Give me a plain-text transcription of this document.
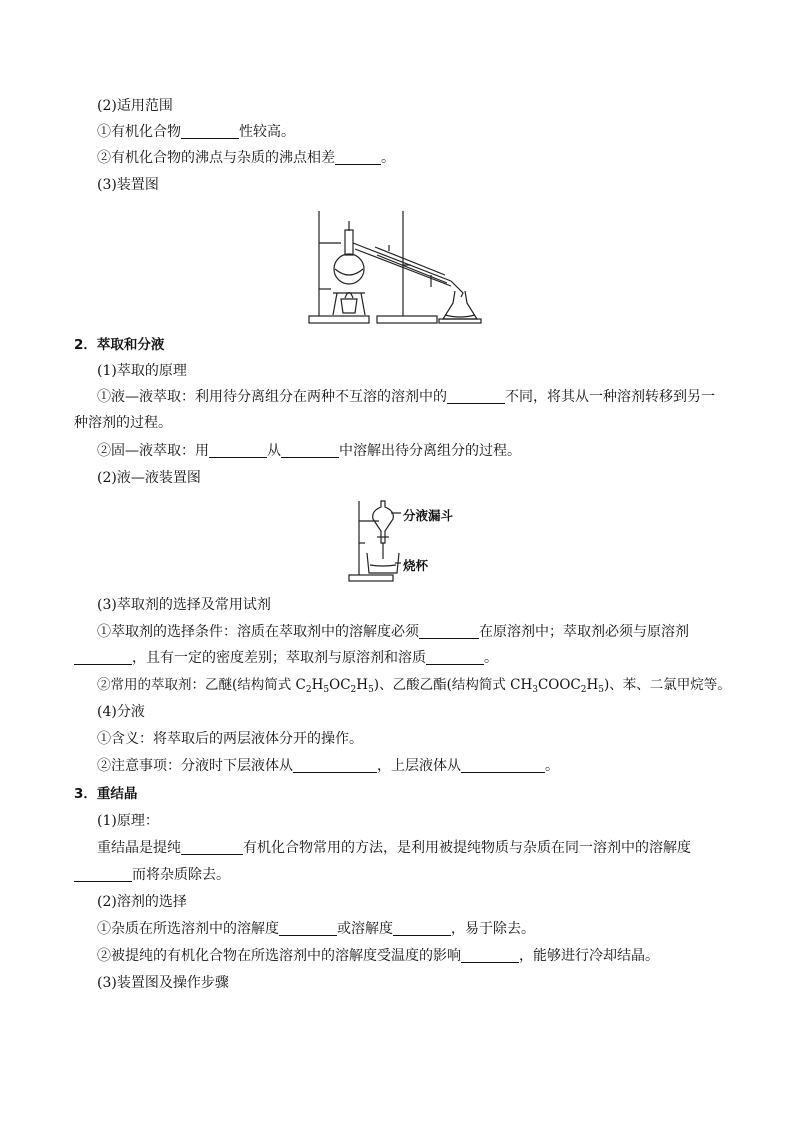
(2)适用范围
①有机化合物	性较高。
②有机化合物的沸点与杂质的沸点相差	。
(3)装置图
2．萃取和分液
(1)萃取的原理
①液—液萃取：利用待分离组分在两种不互溶的溶剂中的	不同，将其从一种溶剂转移到另一
种溶剂的过程。
②固—液萃取：用	从	中溶解出待分离组分的过程。
(2)液—液装置图
分液漏斗
烧杯
(3)萃取剂的选择及常用试剂
①萃取剂的选择条件：溶质在萃取剂中的溶解度必须	在原溶剂中；萃取剂必须与原溶剂
，且有一定的密度差别；萃取剂与原溶剂和溶质	。
②常用的萃取剂：乙醚(结构简式 $C_2H_5OC_2H_5$)、乙酸乙酯(结构简式 $CH_3COOC_2H_5$)、苯、二氯甲烷等。
(4)分液
①含义：将萃取后的两层液体分开的操作。
②注意事项：分液时下层液体从	，上层液体从	。
3．重结晶
(1)原理：
重结晶是提纯	有机化合物常用的方法，是利用被提纯物质与杂质在同一溶剂中的溶解度
而将杂质除去。
(2)溶剂的选择
①杂质在所选溶剂中的溶解度	或溶解度	，易于除去。
②被提纯的有机化合物在所选溶剂中的溶解度受温度的影响	，能够进行冷却结晶。
(3)装置图及操作步骤
